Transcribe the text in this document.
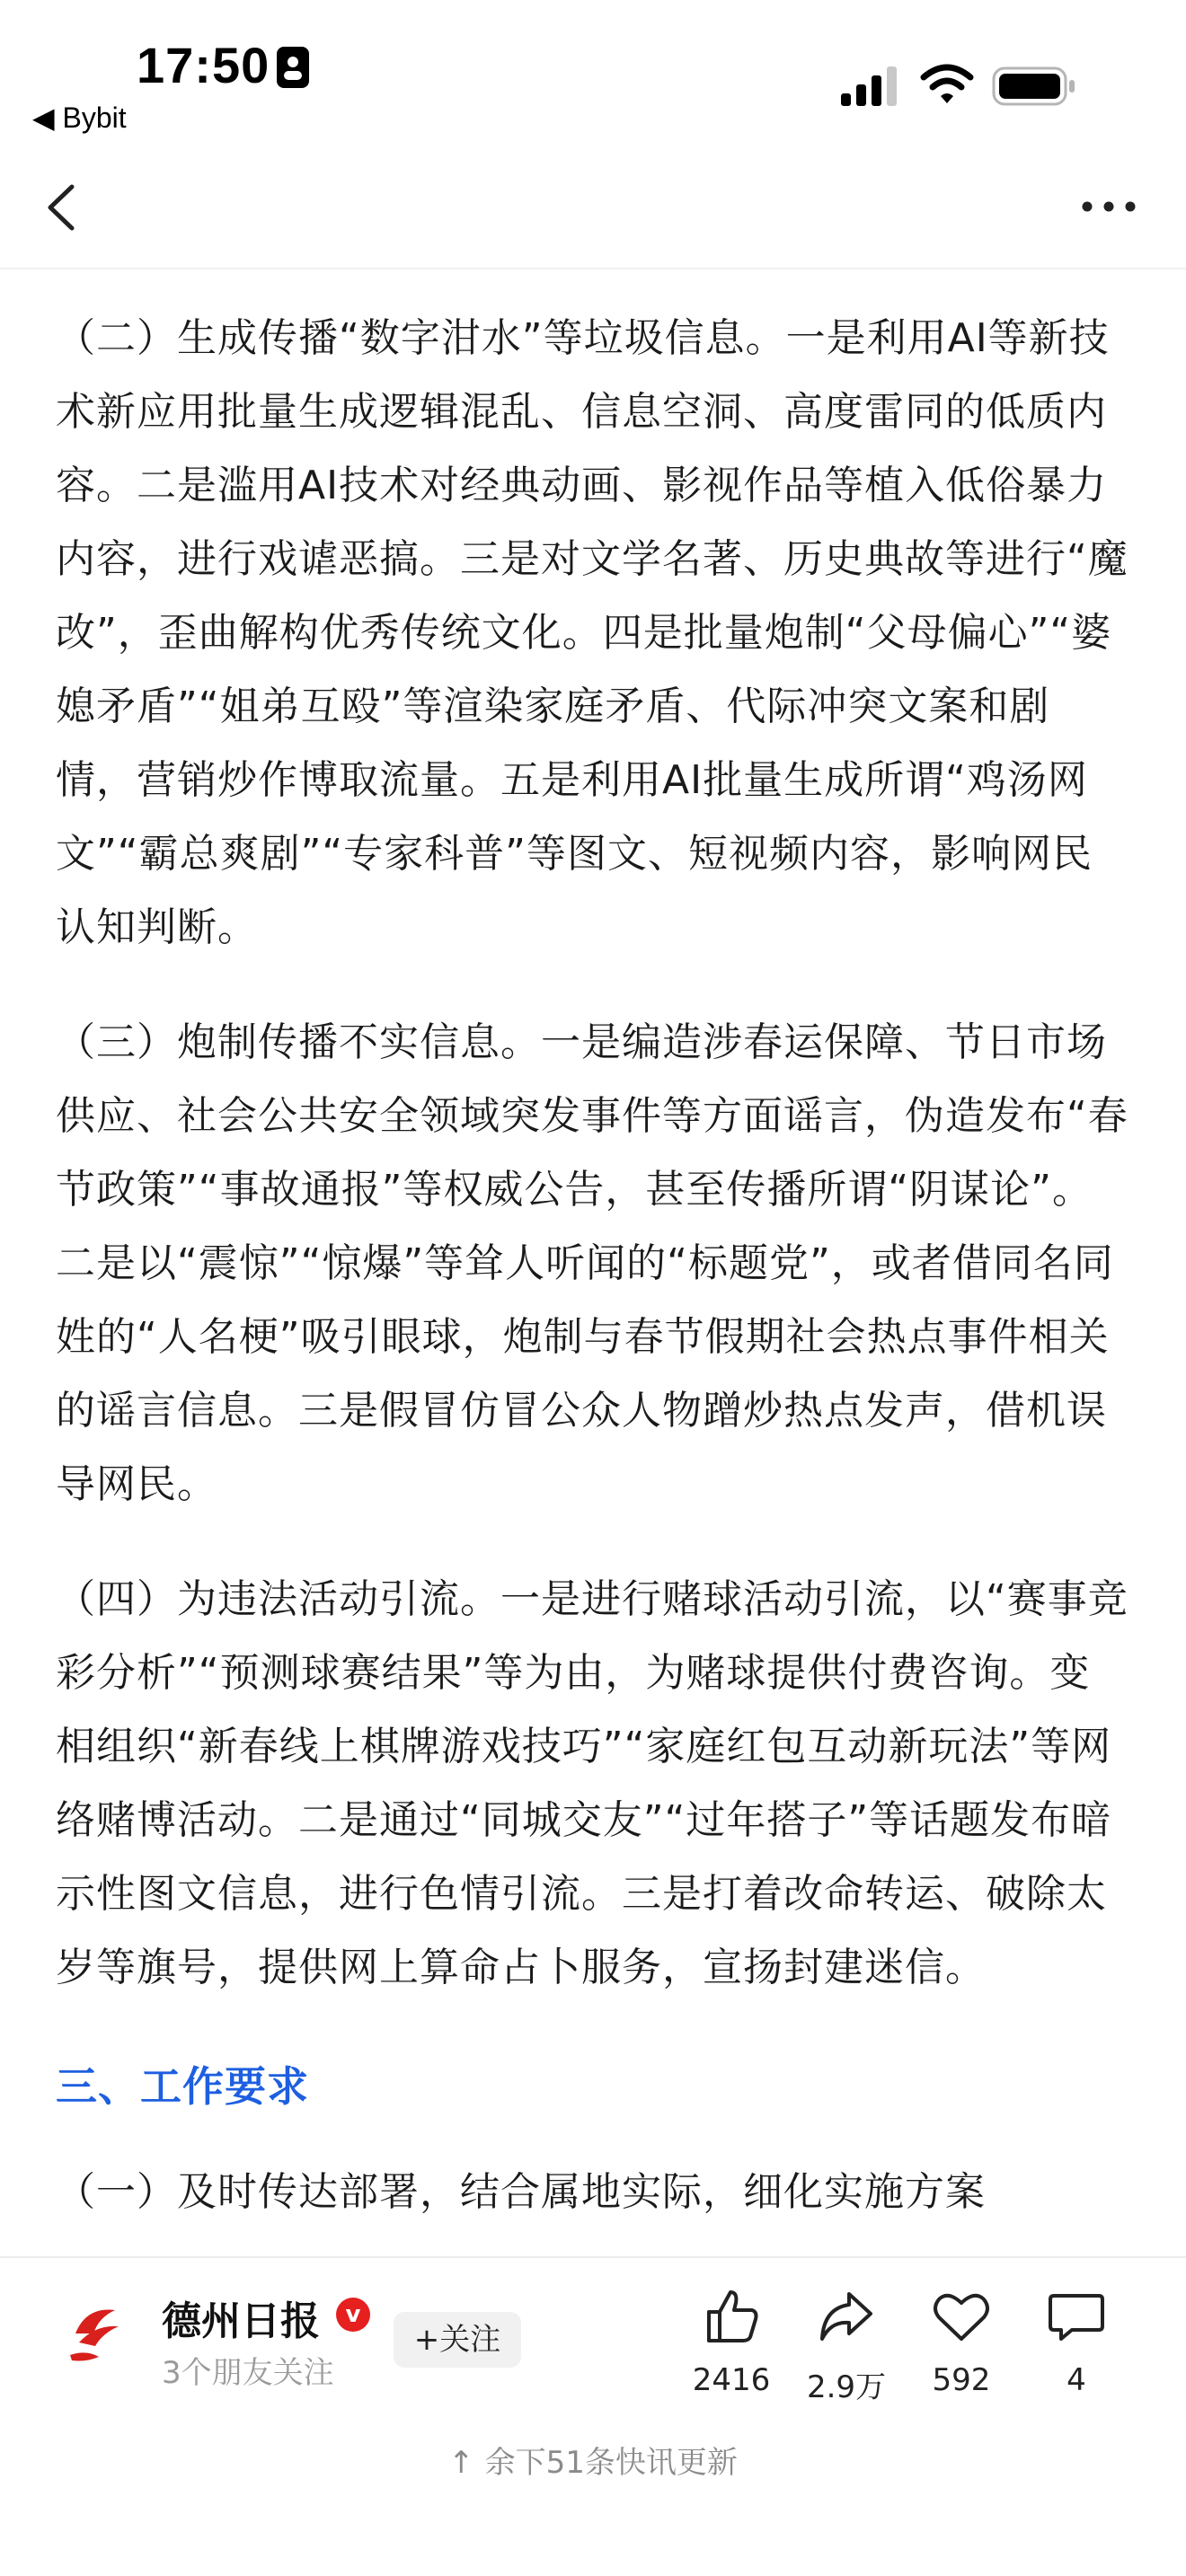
17:50
◀ Bybit

（二）生成传播“数字泔水”等垃圾信息。一是利用AI等新技术新应用批量生成逻辑混乱、信息空洞、高度雷同的低质内容。二是滥用AI技术对经典动画、影视作品等植入低俗暴力内容，进行戏谑恶搞。三是对文学名著、历史典故等进行“魔改”，歪曲解构优秀传统文化。四是批量炮制“父母偏心”“婆媳矛盾”“姐弟互殴”等渲染家庭矛盾、代际冲突文案和剧情，营销炒作博取流量。五是利用AI批量生成所谓“鸡汤网文”“霸总爽剧”“专家科普”等图文、短视频内容，影响网民认知判断。

（三）炮制传播不实信息。一是编造涉春运保障、节日市场供应、社会公共安全领域突发事件等方面谣言，伪造发布“春节政策”“事故通报”等权威公告，甚至传播所谓“阴谋论”。二是以“震惊”“惊爆”等耸人听闻的“标题党”，或者借同名同姓的“人名梗”吸引眼球，炮制与春节假期社会热点事件相关的谣言信息。三是假冒仿冒公众人物蹭炒热点发声，借机误导网民。

（四）为违法活动引流。一是进行赌球活动引流，以“赛事竞彩分析”“预测球赛结果”等为由，为赌球提供付费咨询。变相组织“新春线上棋牌游戏技巧”“家庭红包互动新玩法”等网络赌博活动。二是通过“同城交友”“过年搭子”等话题发布暗示性图文信息，进行色情引流。三是打着改命转运、破除太岁等旗号，提供网上算命占卜服务，宣扬封建迷信。

三、工作要求

（一）及时传达部署，结合属地实际，细化实施方案

德州日报	v
3个朋友关注
+关注
2416	2.9万	592	4
↑ 余下51条快讯更新
